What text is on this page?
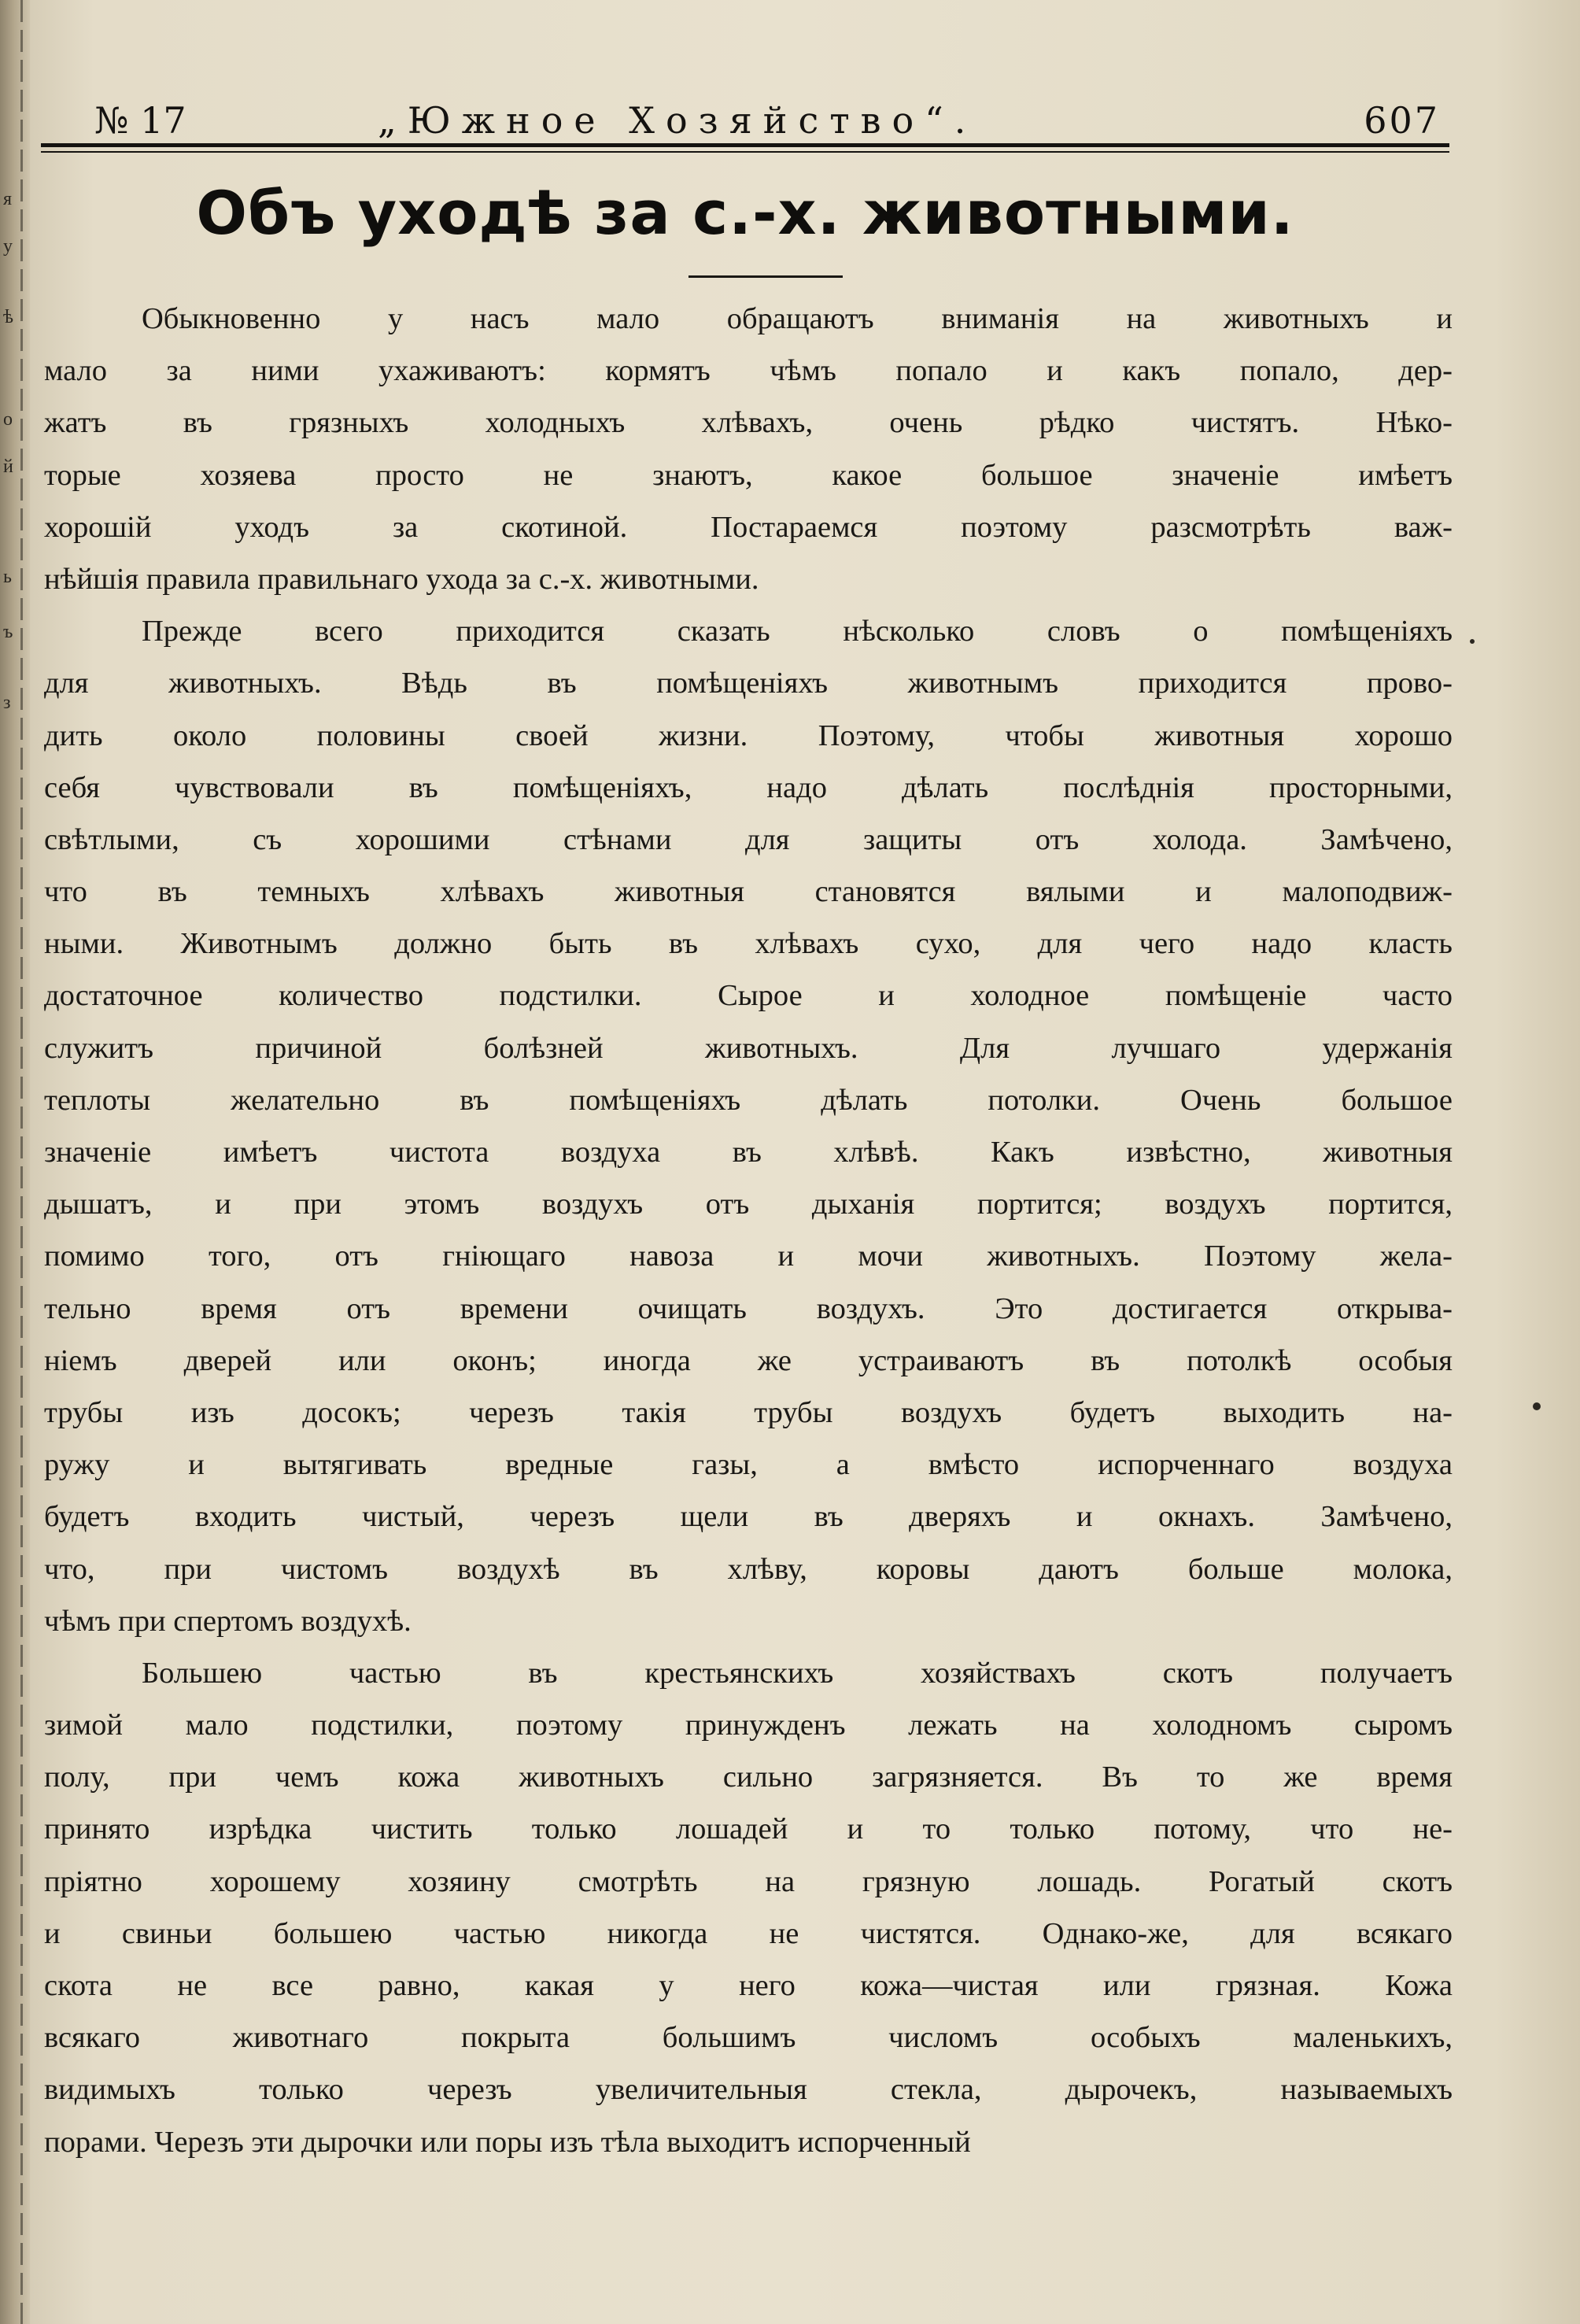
я
у
ѣ
о
й
ь
ъ
з
№ 17	„Южное Хозяйство“.	607
Объ уходѣ за с.-х. животными.
Обыкновенно у насъ мало обращаютъ вниманія на животныхъ и
мало за ними ухаживаютъ: кормятъ чѣмъ попало и какъ попало, дер-
жатъ въ грязныхъ холодныхъ хлѣвахъ, очень рѣдко чистятъ. Нѣко-
торые хозяева просто не знаютъ, какое большое значеніе имѣетъ
хорошій уходъ за скотиной. Постараемся поэтому разсмотрѣть важ-
нѣйшія правила правильнаго ухода за с.-х. животными.
Прежде всего приходится сказать нѣсколько словъ о помѣщеніяхъ
для животныхъ. Вѣдь въ помѣщеніяхъ животнымъ приходится прово-
дить около половины своей жизни. Поэтому, чтобы животныя хорошо
себя чувствовали въ помѣщеніяхъ, надо дѣлать послѣднія просторными,
свѣтлыми, съ хорошими стѣнами для защиты отъ холода. Замѣчено,
что въ темныхъ хлѣвахъ животныя становятся вялыми и малоподвиж-
ными. Животнымъ должно быть въ хлѣвахъ сухо, для чего надо класть
достаточное количество подстилки. Сырое и холодное помѣщеніе часто
служитъ причиной болѣзней животныхъ. Для лучшаго удержанія
теплоты желательно въ помѣщеніяхъ дѣлать потолки. Очень большое
значеніе имѣетъ чистота воздуха въ хлѣвѣ. Какъ извѣстно, животныя
дышатъ, и при этомъ воздухъ отъ дыханія портится; воздухъ портится,
помимо того, отъ гніющаго навоза и мочи животныхъ. Поэтому жела-
тельно время отъ времени очищать воздухъ. Это достигается открыва-
ніемъ дверей или оконъ; иногда же устраиваютъ въ потолкѣ особыя
трубы изъ досокъ; черезъ такія трубы воздухъ будетъ выходить на-
ружу и вытягивать вредные газы, а вмѣсто испорченнаго воздуха
будетъ входить чистый, черезъ щели въ дверяхъ и окнахъ. Замѣчено,
что, при чистомъ воздухѣ въ хлѣву, коровы даютъ больше молока,
чѣмъ при спертомъ воздухѣ.
Большею частью въ крестьянскихъ хозяйствахъ скотъ получаетъ
зимой мало подстилки, поэтому принужденъ лежать на холодномъ сыромъ
полу, при чемъ кожа животныхъ сильно загрязняется. Въ то же время
принято изрѣдка чистить только лошадей и то только потому, что не-
пріятно хорошему хозяину смотрѣть на грязную лошадь. Рогатый скотъ
и свиньи большею частью никогда не чистятся. Однако-же, для всякаго
скота не все равно, какая у него кожа—чистая или грязная. Кожа
всякаго животнаго покрыта большимъ числомъ особыхъ маленькихъ,
видимыхъ только черезъ увеличительныя стекла, дырочекъ, называемыхъ
порами. Черезъ эти дырочки или поры изъ тѣла выходитъ испорченный
